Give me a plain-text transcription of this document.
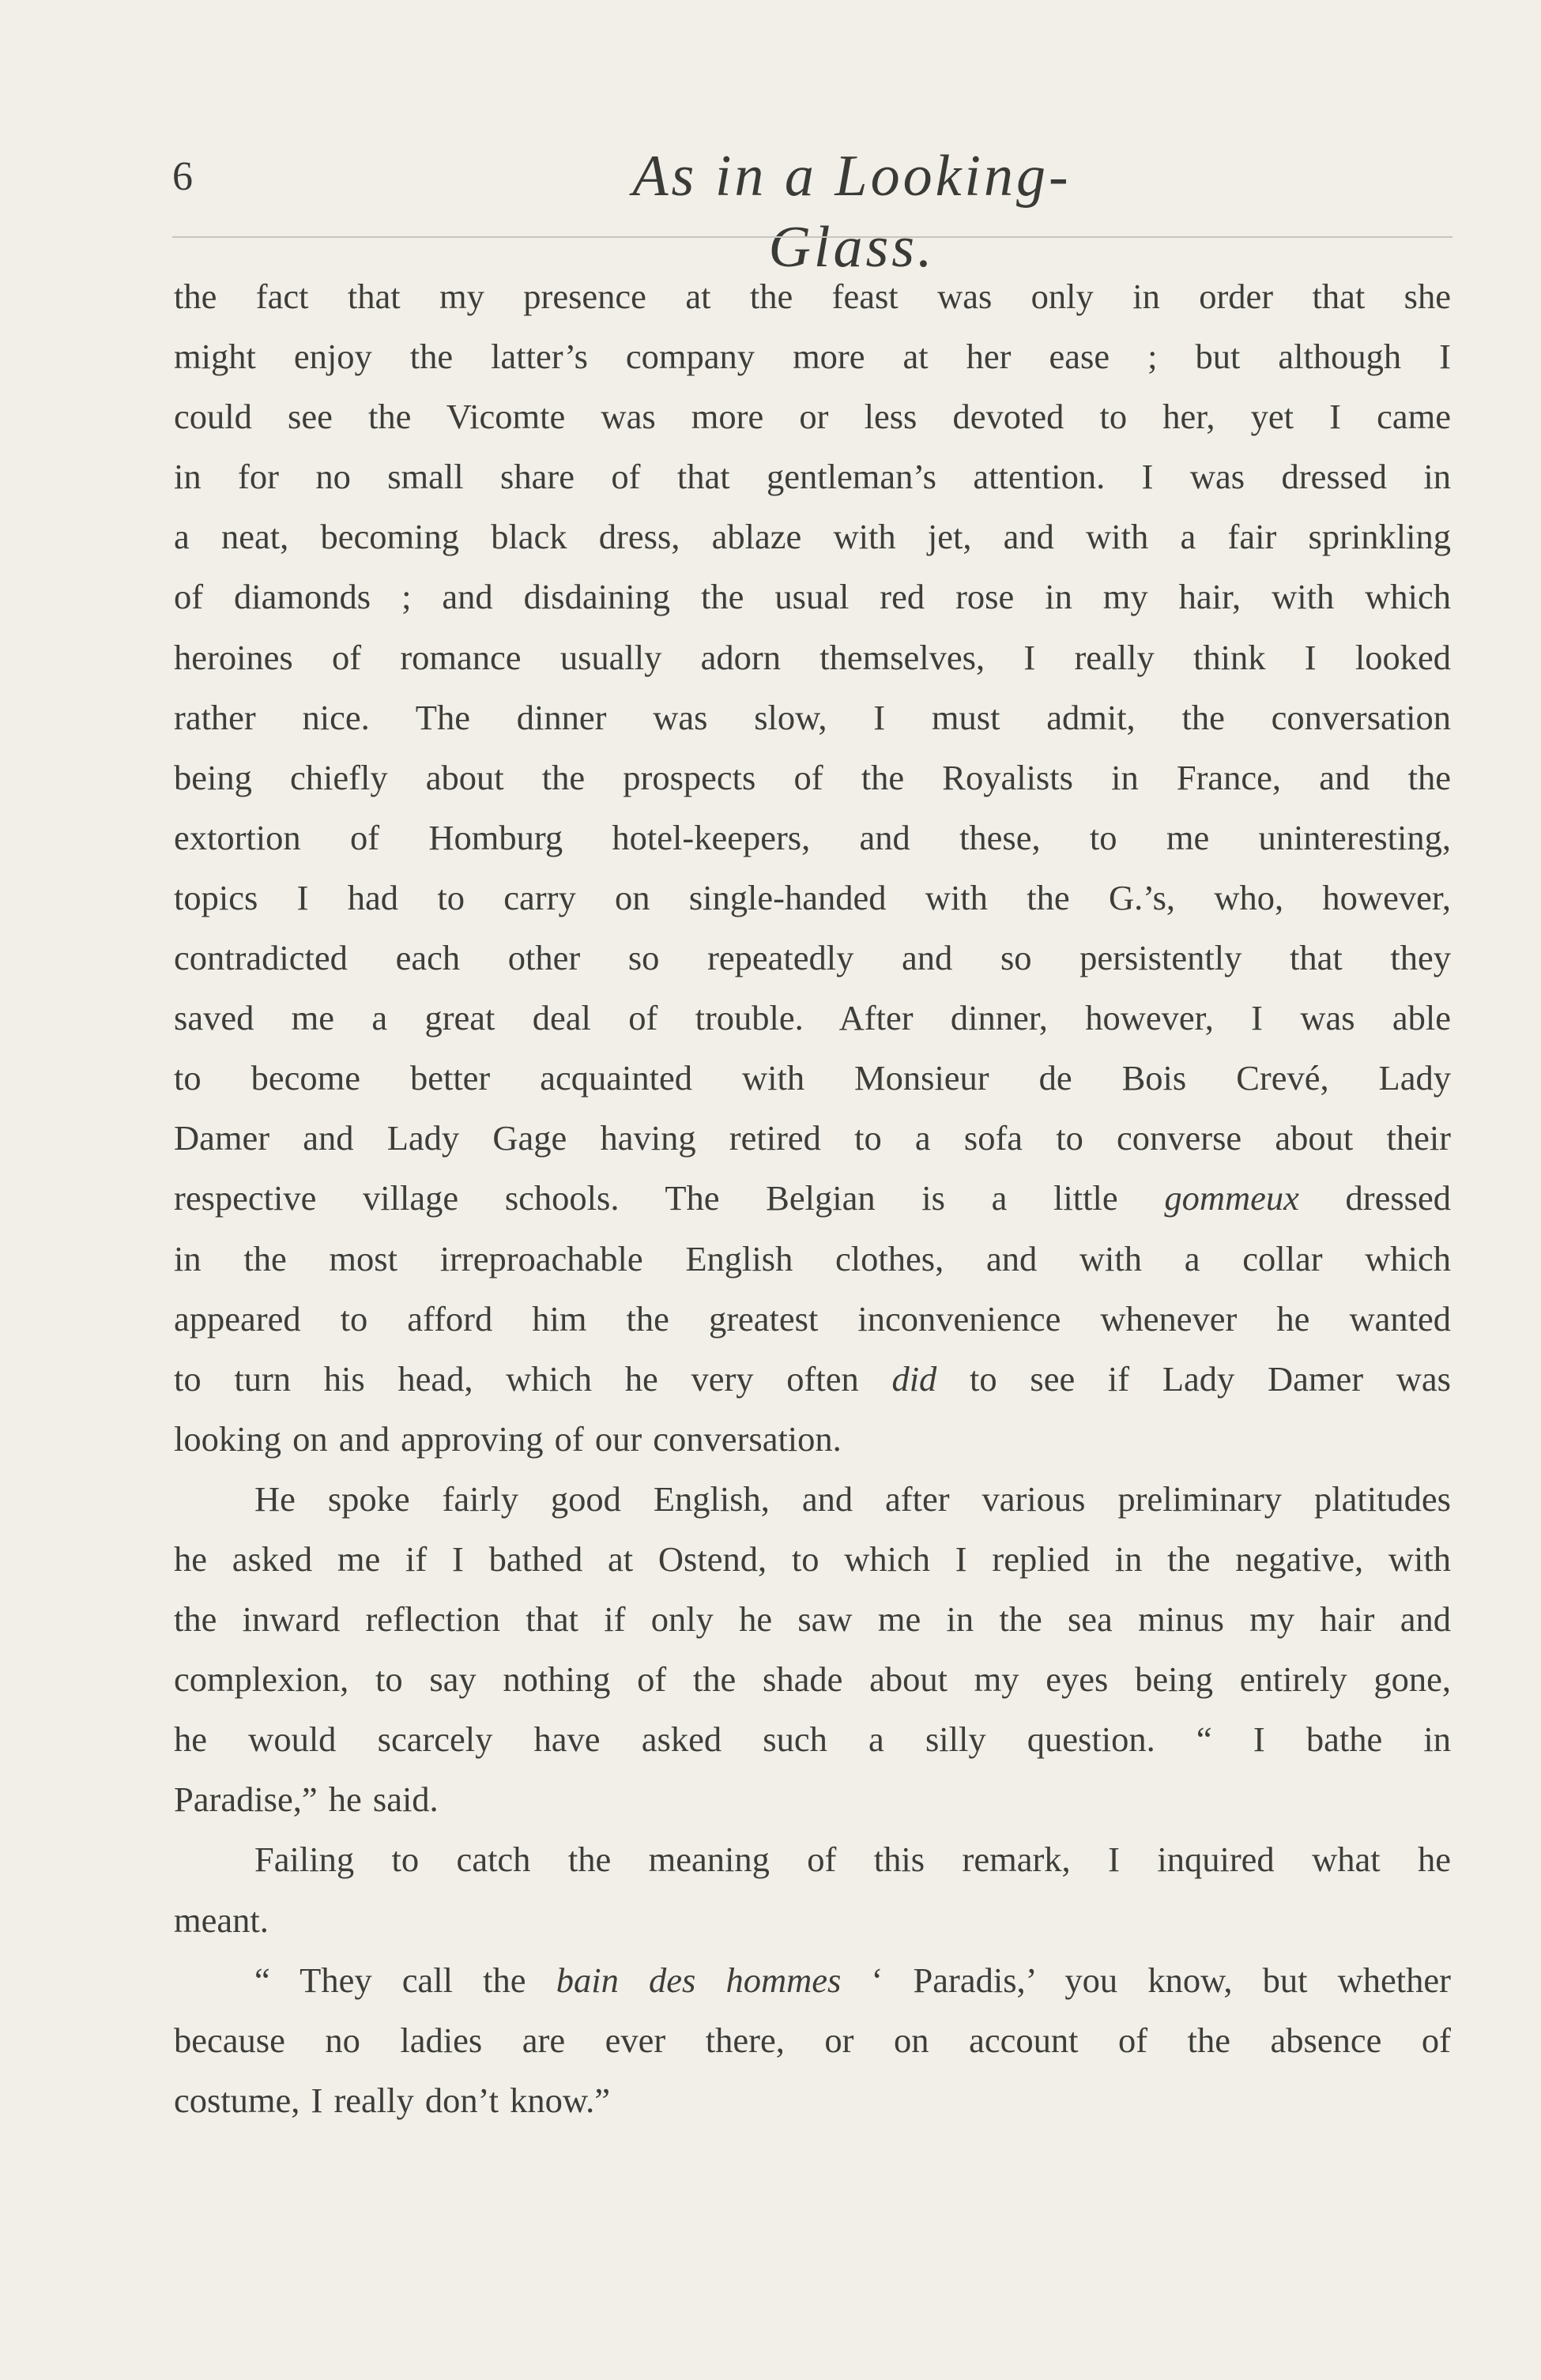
6	As in a Looking-Glass.
the fact that my presence at the feast was only in order that she
might enjoy the latter’s company more at her ease ; but although I
could see the Vicomte was more or less devoted to her, yet I came
in for no small share of that gentleman’s attention. I was dressed in
a neat, becoming black dress, ablaze with jet, and with a fair sprinkling
of diamonds ; and disdaining the usual red rose in my hair, with which
heroines of romance usually adorn themselves, I really think I looked
rather nice. The dinner was slow, I must admit, the conversation
being chiefly about the prospects of the Royalists in France, and the
extortion of Homburg hotel-keepers, and these, to me uninteresting,
topics I had to carry on single-handed with the G.’s, who, however,
contradicted each other so repeatedly and so persistently that they
saved me a great deal of trouble. After dinner, however, I was able
to become better acquainted with Monsieur de Bois Crevé, Lady
Damer and Lady Gage having retired to a sofa to converse about their
respective village schools. The Belgian is a little gommeux dressed
in the most irreproachable English clothes, and with a collar which
appeared to afford him the greatest inconvenience whenever he wanted
to turn his head, which he very often did to see if Lady Damer was
looking on and approving of our conversation.
He spoke fairly good English, and after various preliminary platitudes
he asked me if I bathed at Ostend, to which I replied in the negative, with
the inward reflection that if only he saw me in the sea minus my hair and
complexion, to say nothing of the shade about my eyes being entirely gone,
he would scarcely have asked such a silly question. “ I bathe in
Paradise,” he said.
Failing to catch the meaning of this remark, I inquired what he
meant.
“ They call the bain des hommes ‘ Paradis,’ you know, but whether
because no ladies are ever there, or on account of the absence of
costume, I really don’t know.”
